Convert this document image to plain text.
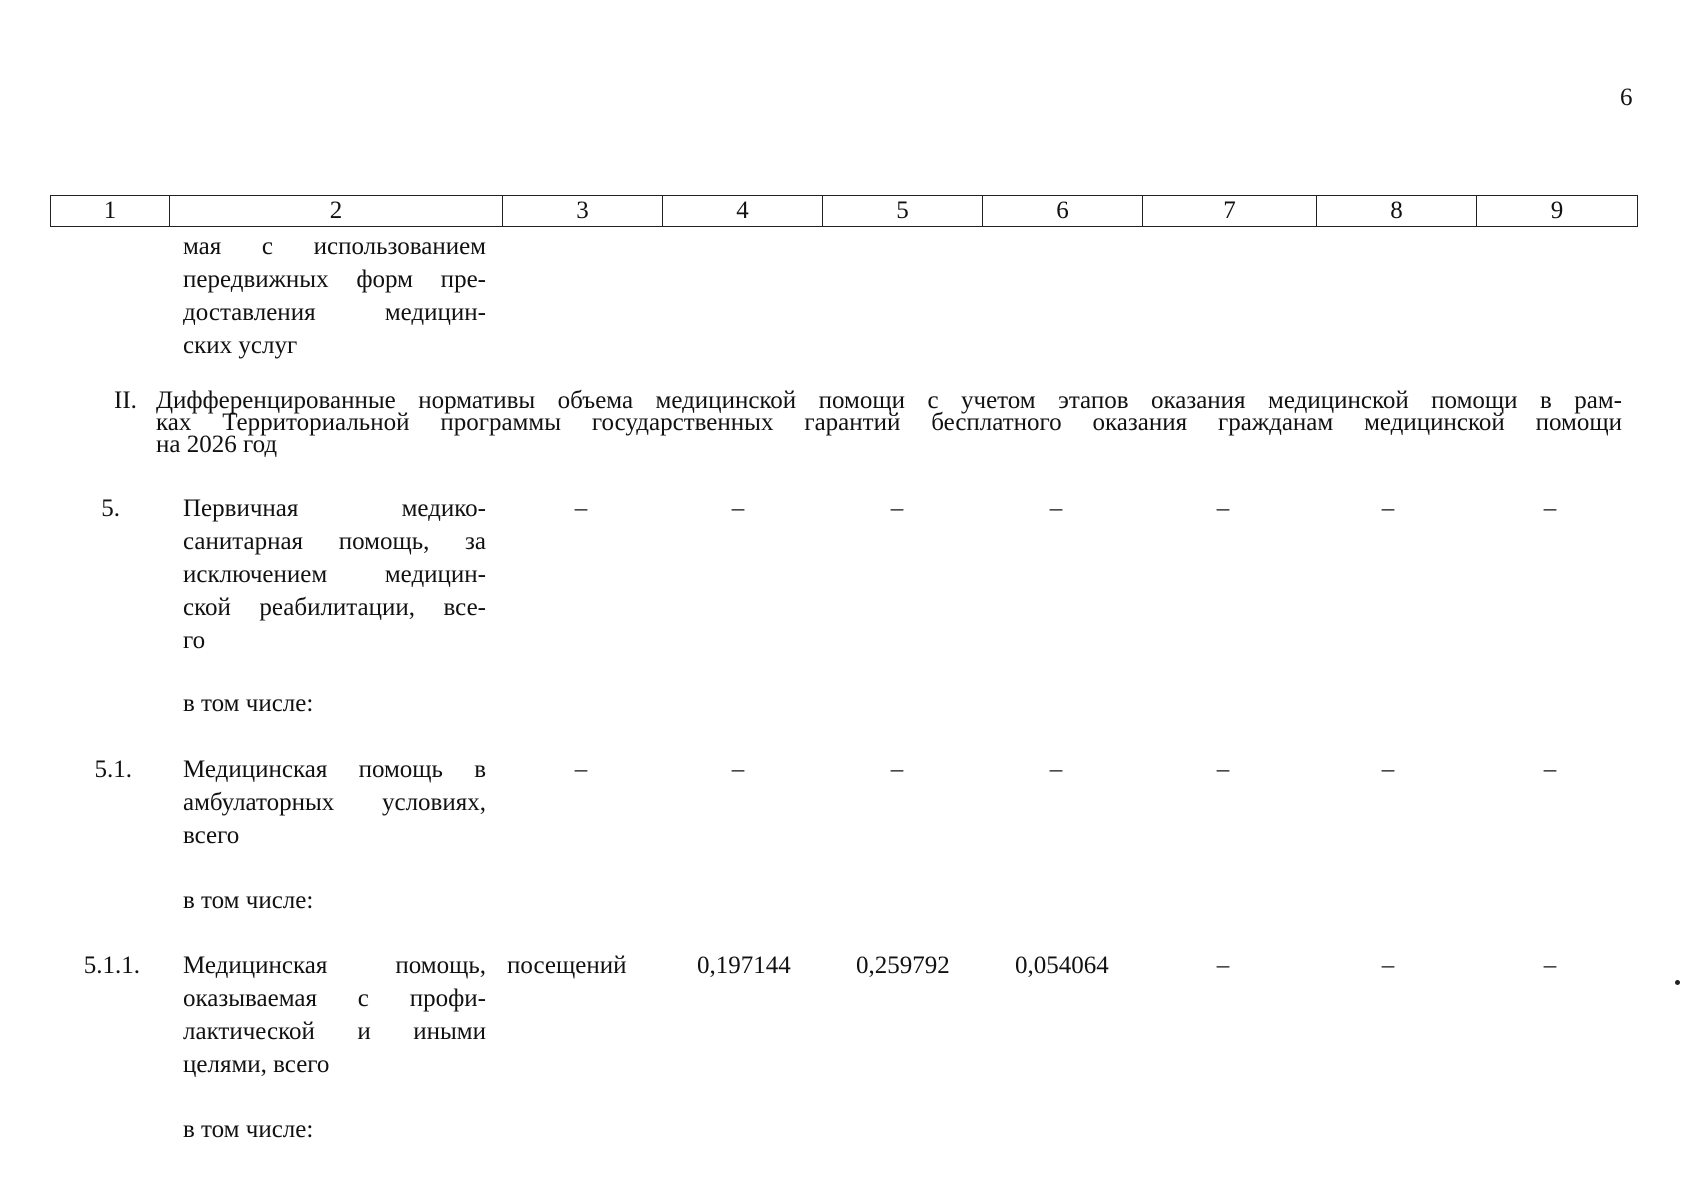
6
1	2	3	4	5	6	7	8	9
мая с использованием
передвижных форм пре-
доставления медицин-
ских услуг
II. Дифференцированные нормативы объема медицинской помощи с учетом этапов оказания медицинской помощи в рам-
ках Территориальной программы государственных гарантий бесплатного оказания гражданам медицинской помощи
на 2026 год
5.	Первичная медико-
санитарная помощь, за
исключением медицин-
ской реабилитации, все-
го
–	–	–	–	–	–	–
в том числе:
5.1. Медицинская помощь в
амбулаторных условиях,
всего
–	–	–	–	–	–	–
в том числе:
5.1.1. Медицинская помощь,
оказываемая с профи-
лактической и иными
целями, всего
посещений	0,197144	0,259792	0,054064	–	–	–
в том числе:
